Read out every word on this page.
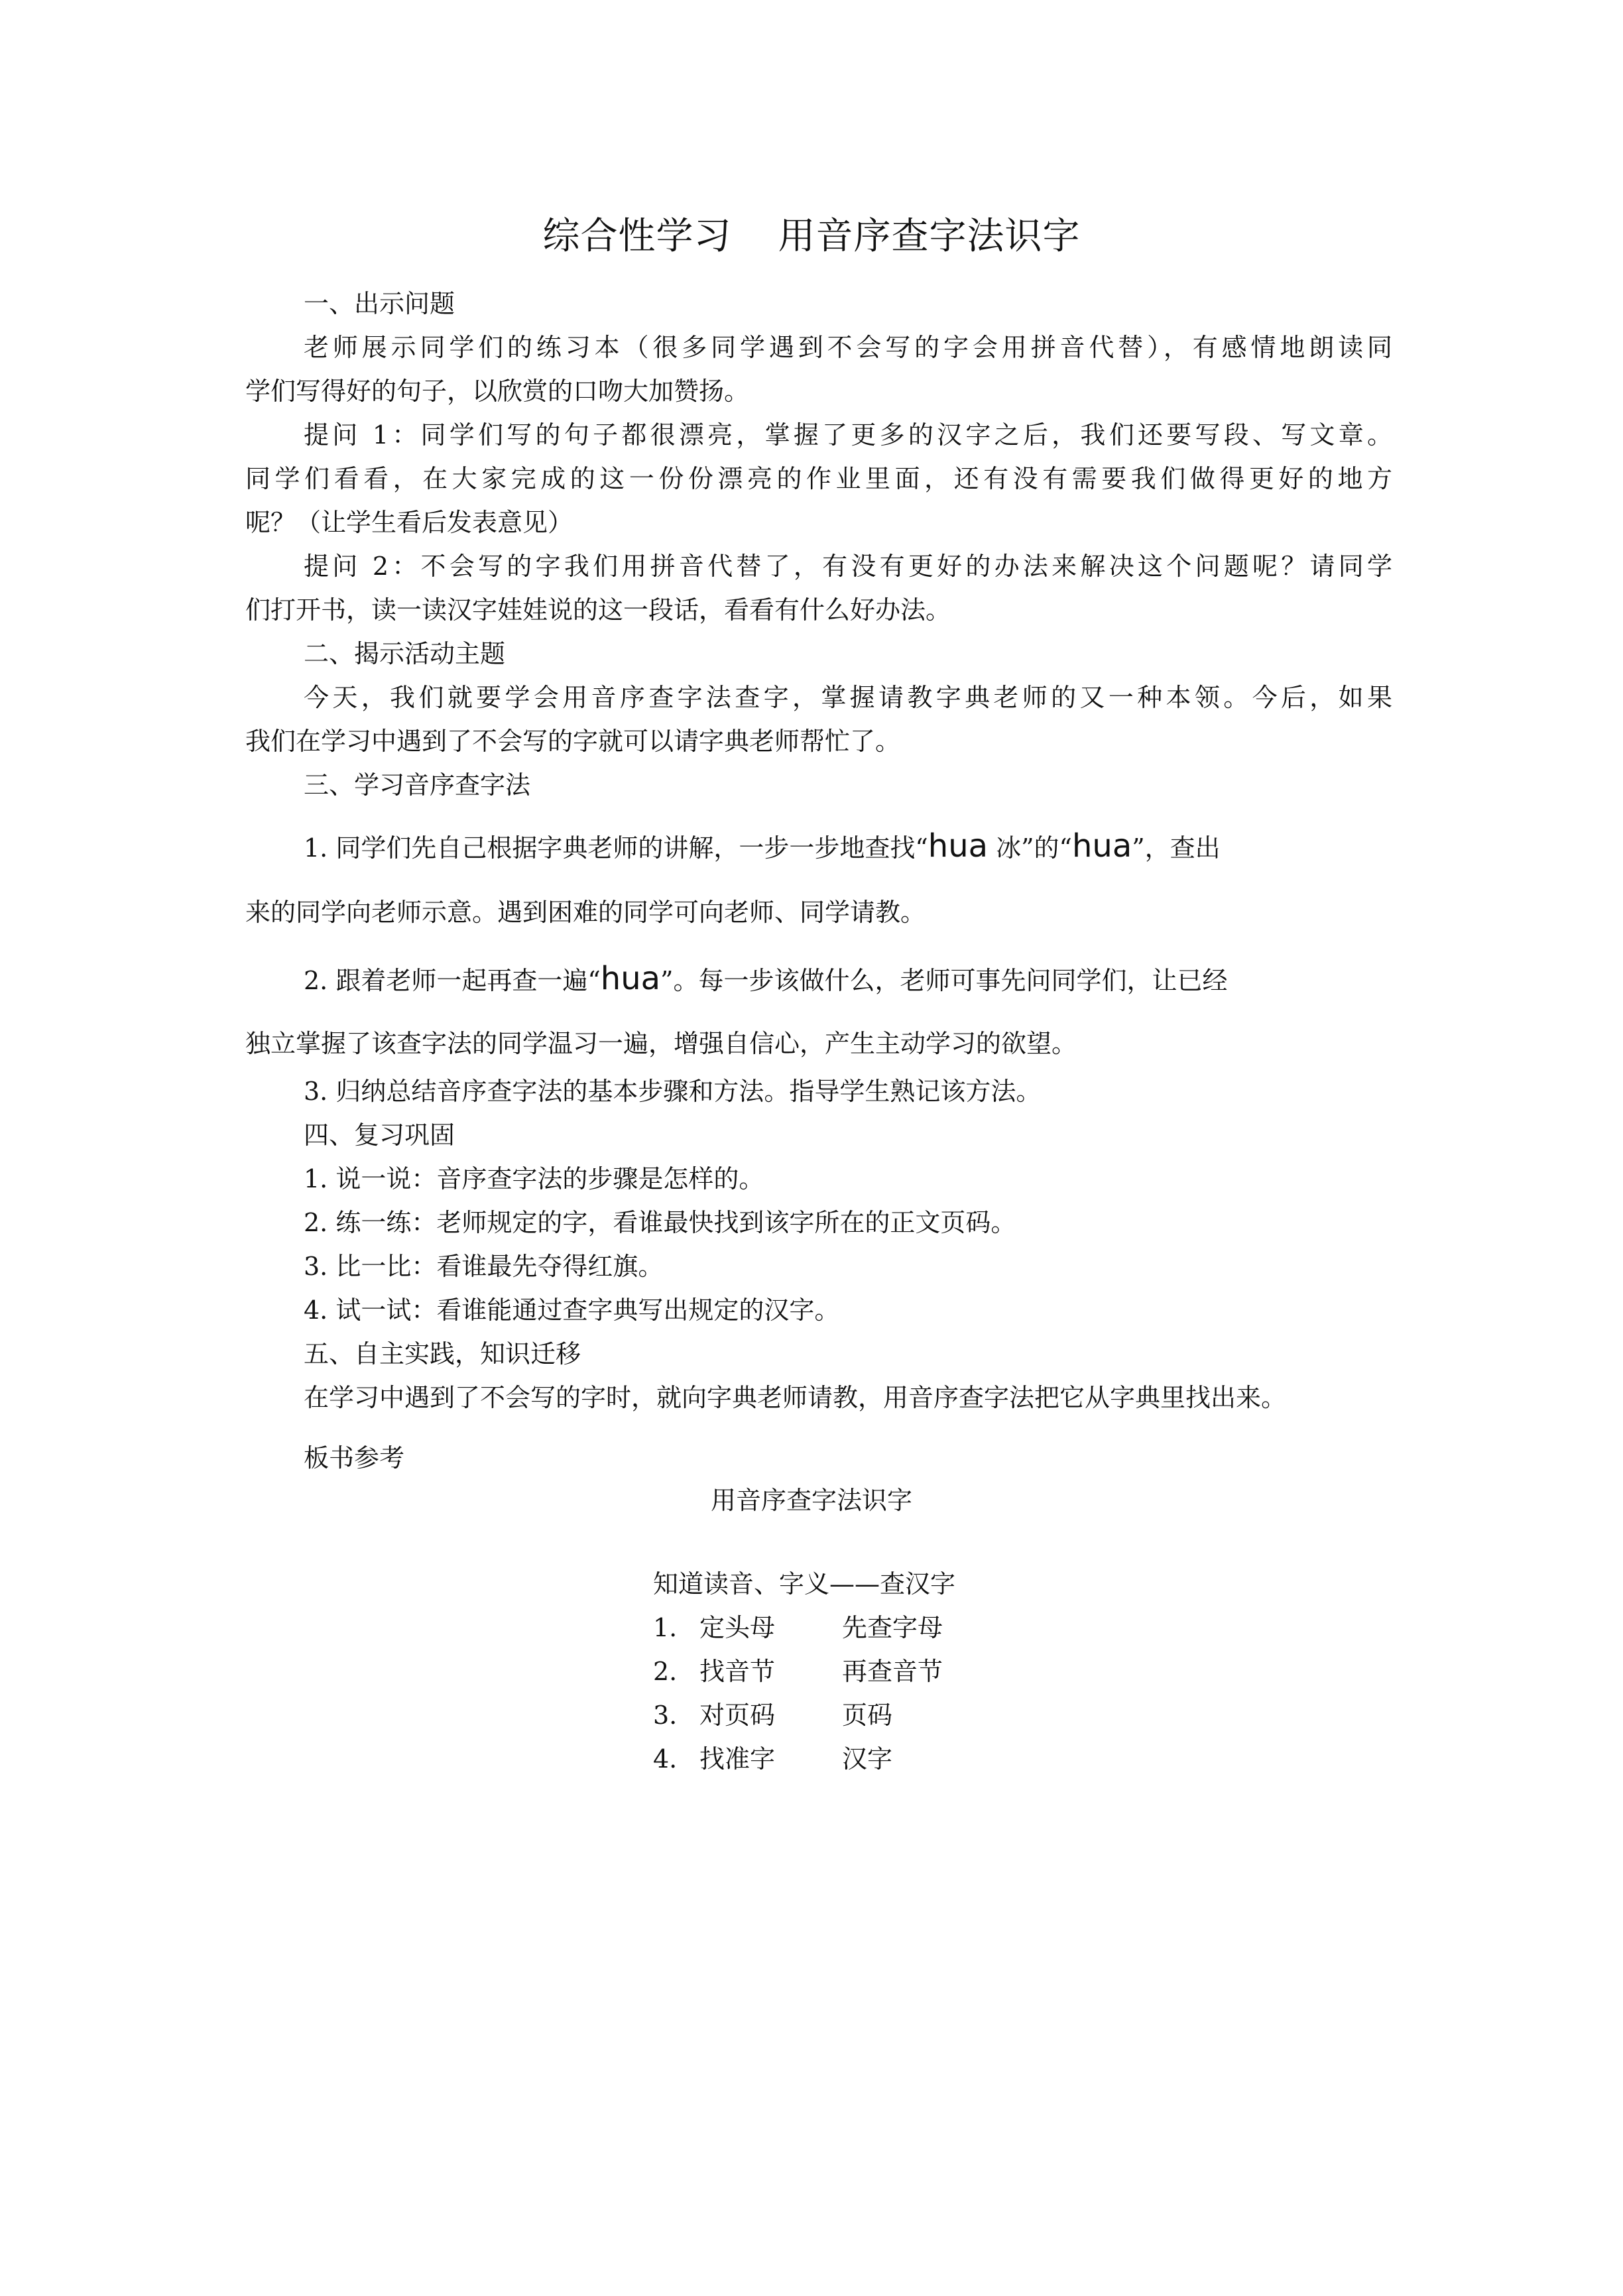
综合性学习 用音序查字法识字
一、出示问题
老师展示同学们的练习本（很多同学遇到不会写的字会用拼音代替），有感情地朗读同
学们写得好的句子，以欣赏的口吻大加赞扬。
提问 1：同学们写的句子都很漂亮，掌握了更多的汉字之后，我们还要写段、写文章。
同学们看看，在大家完成的这一份份漂亮的作业里面，还有没有需要我们做得更好的地方
呢？（让学生看后发表意见）
提问 2：不会写的字我们用拼音代替了，有没有更好的办法来解决这个问题呢？请同学
们打开书，读一读汉字娃娃说的这一段话，看看有什么好办法。
二、揭示活动主题
今天，我们就要学会用音序查字法查字，掌握请教字典老师的又一种本领。今后，如果
我们在学习中遇到了不会写的字就可以请字典老师帮忙了。
三、学习音序查字法
1. 同学们先自己根据字典老师的讲解，一步一步地查找“hua 冰”的“hua”，查出
来的同学向老师示意。遇到困难的同学可向老师、同学请教。
2. 跟着老师一起再查一遍“hua”。每一步该做什么，老师可事先问同学们，让已经
独立掌握了该查字法的同学温习一遍，增强自信心，产生主动学习的欲望。
3. 归纳总结音序查字法的基本步骤和方法。指导学生熟记该方法。
四、复习巩固
1. 说一说：音序查字法的步骤是怎样的。
2. 练一练：老师规定的字，看谁最快找到该字所在的正文页码。
3. 比一比：看谁最先夺得红旗。
4. 试一试：看谁能通过查字典写出规定的汉字。
五、自主实践，知识迁移
在学习中遇到了不会写的字时，就向字典老师请教，用音序查字法把它从字典里找出来。
板书参考
用音序查字法识字
知道读音、字义——查汉字
1. 定头母	先查字母
2. 找音节	再查音节
3. 对页码	页码
4. 找准字	汉字
